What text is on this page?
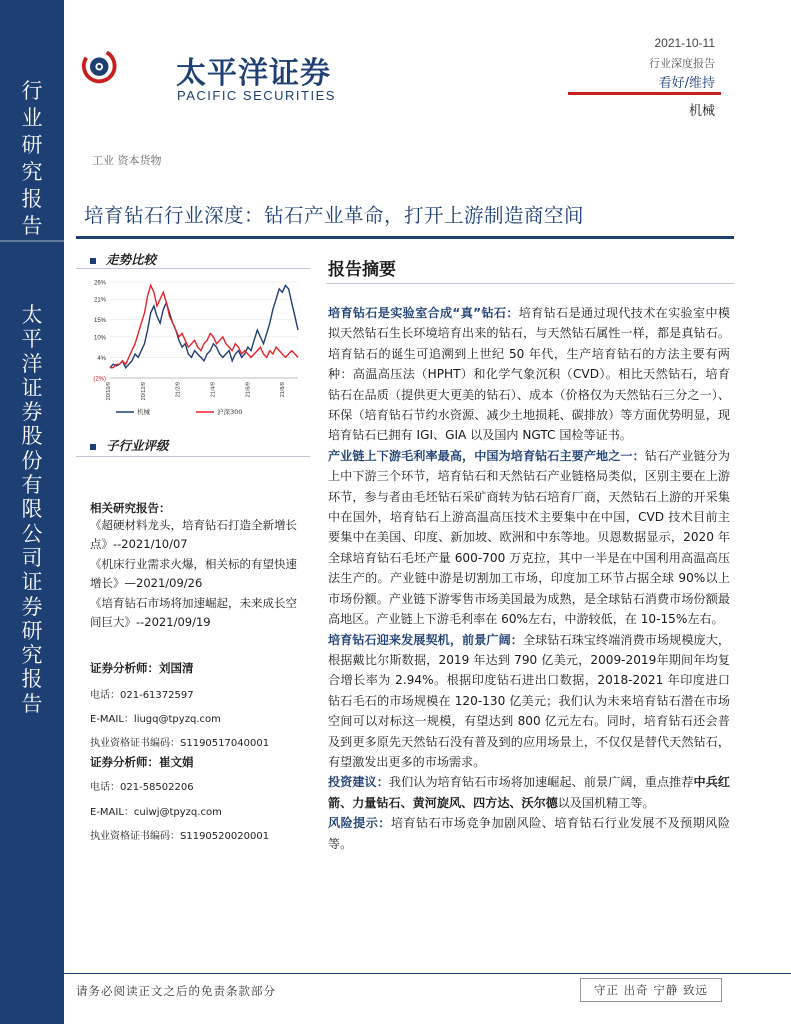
行
业
研
究
报
告
太
平
洋
证
券
股
份
有
限
公
司
证
券
研
究
报
告
太平洋证券
PACIFIC SECURITIES
2021-10-11
行业深度报告
看好/维持
机械
工业 资本货物
培育钻石行业深度：钻石产业革命，打开上游制造商空间
走势比较
26%
21%
15%
10%
4%
(2%)
20/10/9	20/12/9	21/2/9	21/4/9	21/6/9	21/8/9
机械	沪深300
子行业评级
相关研究报告：

《超硬材料龙头，培育钻石打造全新增长点》--2021/10/07

《机床行业需求火爆，相关标的有望快速增长》—2021/09/26

《培育钻石市场将加速崛起，未来成长空间巨大》--2021/09/19

证券分析师：刘国清
电话：021-61372597
E-MAIL：liugq@tpyzq.com
执业资格证书编码：S1190517040001
证券分析师：崔文娟
电话：021-58502206
E-MAIL：cuiwj@tpyzq.com
执业资格证书编码：S1190520020001
报告摘要

培育钻石是实验室合成“真”钻石：培育钻石是通过现代技术在实验室中模拟天然钻石生长环境培育出来的钻石，与天然钻石属性一样，都是真钻石。培育钻石的诞生可追溯到上世纪 50 年代，生产培育钻石的方法主要有两种：高温高压法（HPHT）和化学气象沉积（CVD）。相比天然钻石，培育钻石在品质（提供更大更美的钻石）、成本（价格仅为天然钻石三分之一）、环保（培育钻石节约水资源、减少土地损耗、碳排放）等方面优势明显，现培育钻石已拥有 IGI、GIA 以及国内 NGTC 国检等证书。

产业链上下游毛利率最高，中国为培育钻石主要产地之一：钻石产业链分为上中下游三个环节，培育钻石和天然钻石产业链格局类似，区别主要在上游环节，参与者由毛坯钻石采矿商转为钻石培育厂商，天然钻石上游的开采集中在国外，培育钻石上游高温高压技术主要集中在中国，CVD 技术目前主要集中在美国、印度、新加坡、欧洲和中东等地。贝恩数据显示，2020 年全球培育钻石毛坯产量 600-700 万克拉，其中一半是在中国利用高温高压法生产的。产业链中游是切割加工市场，印度加工环节占据全球 90%以上市场份额。产业链下游零售市场美国最为成熟，是全球钻石消费市场份额最高地区。产业链上下游毛利率在 60%左右，中游较低，在 10-15%左右。

培育钻石迎来发展契机，前景广阔：全球钻石珠宝终端消费市场规模庞大，根据戴比尔斯数据，2019 年达到 790 亿美元，2009-2019年期间年均复合增长率为 2.94%。根据印度钻石进出口数据，2018-2021 年印度进口钻石毛石的市场规模在 120-130 亿美元；我们认为未来培育钻石潜在市场空间可以对标这一规模，有望达到 800 亿元左右。同时，培育钻石还会普及到更多原先天然钻石没有普及到的应用场景上，不仅仅是替代天然钻石，有望激发出更多的市场需求。

投资建议：我们认为培育钻石市场将加速崛起、前景广阔，重点推荐中兵红箭、力量钻石、黄河旋风、四方达、沃尔德以及国机精工等。

风险提示：培育钻石市场竞争加剧风险、培育钻石行业发展不及预期风险等。

请务必阅读正文之后的免责条款部分	守正 出奇 宁静 致远
